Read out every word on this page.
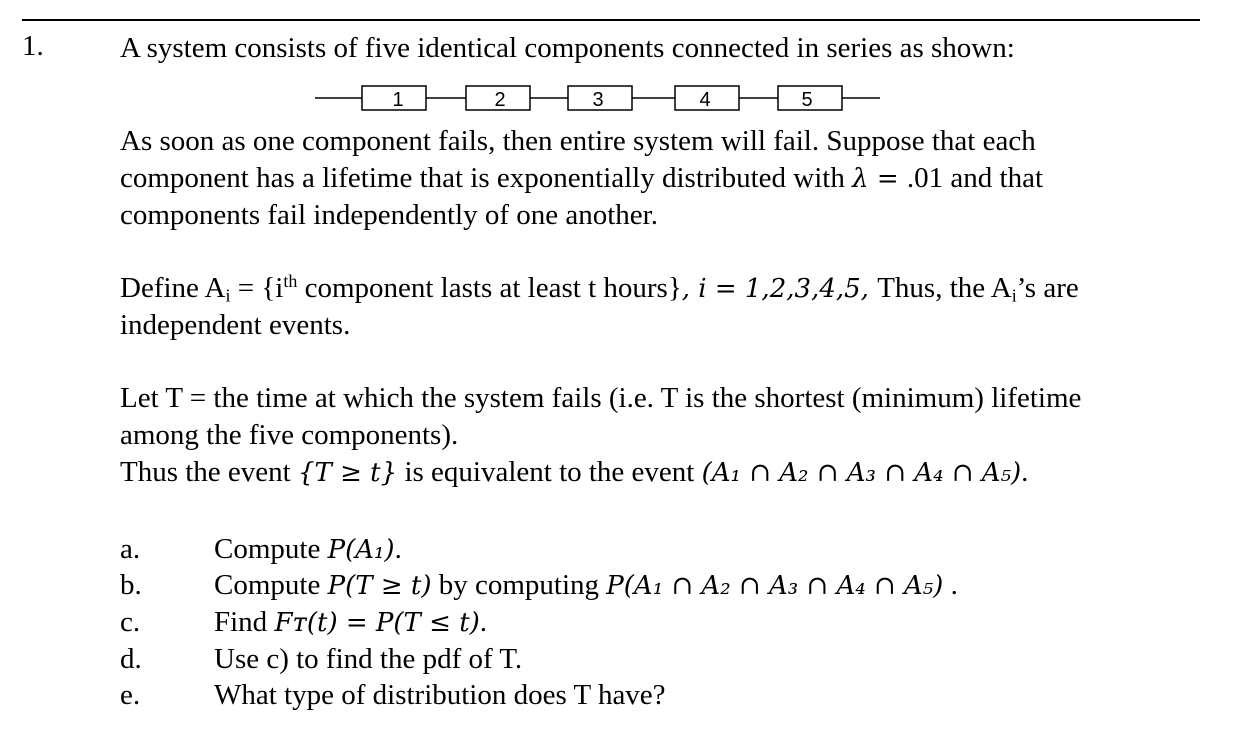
1.	A system consists of five identical components connected in series as shown:
1	2	3	4	5
As soon as one component fails, then entire system will fail. Suppose that each
component has a lifetime that is exponentially distributed with λ = .01 and that
components fail independently of one another.
Define $A_i = \{i^{th}$ component lasts at least t hours}, i = 1,2,3,4,5, Thus, the $A_i’s$ are
independent events.
Let T = the time at which the system fails (i.e. T is the shortest (minimum) lifetime
among the five components).
Thus the event {T ≥ t} is equivalent to the event (A₁ ∩ A₂ ∩ A₃ ∩ A₄ ∩ A₅).
a.	Compute P(A₁).
b. Compute P(T ≥ t) by computing P(A₁ ∩ A₂ ∩ A₃ ∩ A₄ ∩ A₅) .
c.	Find Fᴛ(t) = P(T ≤ t).
d. Use c) to find the pdf of T.
e.	What type of distribution does T have?
